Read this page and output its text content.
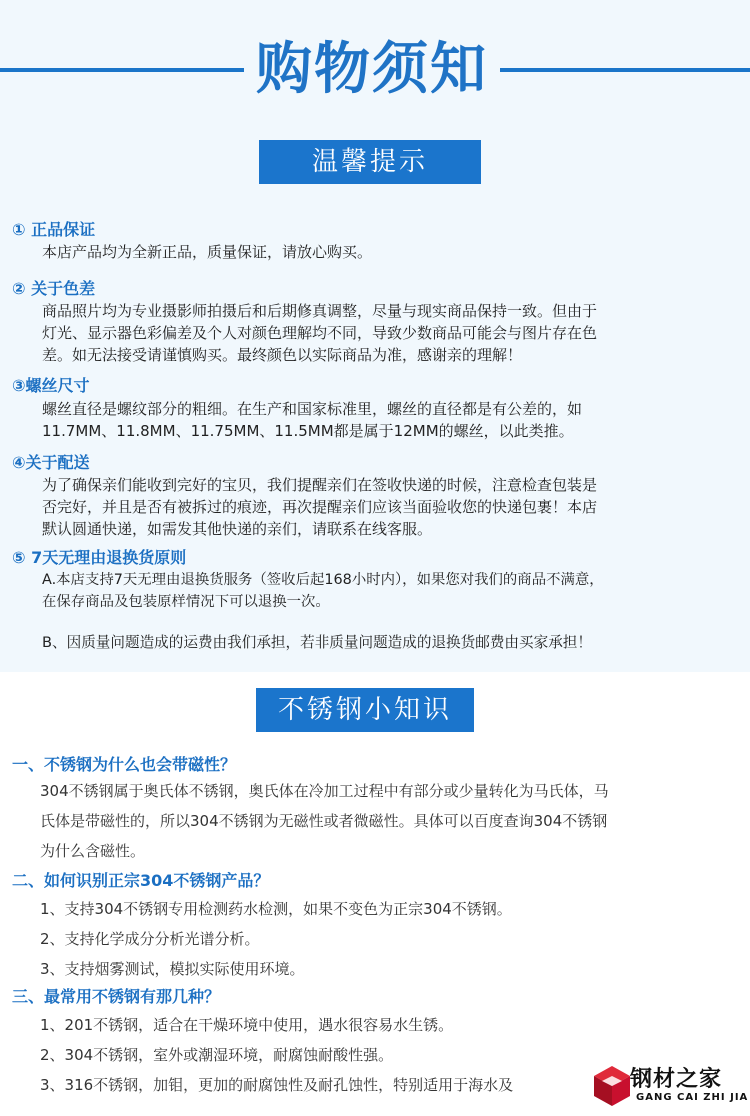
购物须知
温馨提示
① 正品保证
本店产品均为全新正品，质量保证，请放心购买。
② 关于色差
商品照片均为专业摄影师拍摄后和后期修真调整，尽量与现实商品保持一致。但由于
灯光、显示器色彩偏差及个人对颜色理解均不同，导致少数商品可能会与图片存在色
差。如无法接受请谨慎购买。最终颜色以实际商品为准，感谢亲的理解！
③螺丝尺寸
螺丝直径是螺纹部分的粗细。在生产和国家标准里，螺丝的直径都是有公差的，如
11.7MM、11.8MM、11.75MM、11.5MM都是属于12MM的螺丝，以此类推。
④关于配送
为了确保亲们能收到完好的宝贝，我们提醒亲们在签收快递的时候，注意检查包装是
否完好，并且是否有被拆过的痕迹，再次提醒亲们应该当面验收您的快递包裹！本店
默认圆通快递，如需发其他快递的亲们，请联系在线客服。
⑤ 7天无理由退换货原则
A.本店支持7天无理由退换货服务（签收后起168小时内），如果您对我们的商品不满意，
在保存商品及包装原样情况下可以退换一次。
B、因质量问题造成的运费由我们承担，若非质量问题造成的退换货邮费由买家承担！
不锈钢小知识
一、不锈钢为什么也会带磁性？
304不锈钢属于奥氏体不锈钢，奥氏体在冷加工过程中有部分或少量转化为马氏体，马
氏体是带磁性的，所以304不锈钢为无磁性或者微磁性。具体可以百度查询304不锈钢
为什么含磁性。
二、如何识别正宗304不锈钢产品？
1、支持304不锈钢专用检测药水检测，如果不变色为正宗304不锈钢。
2、支持化学成分分析光谱分析。
3、支持烟雾测试，模拟实际使用环境。
三、最常用不锈钢有那几种？
1、201不锈钢，适合在干燥环境中使用，遇水很容易水生锈。
2、304不锈钢，室外或潮湿环境，耐腐蚀耐酸性强。
3、316不锈钢，加钼，更加的耐腐蚀性及耐孔蚀性，特别适用于海水及	钢材之家
GANG CAI ZHI JIA
